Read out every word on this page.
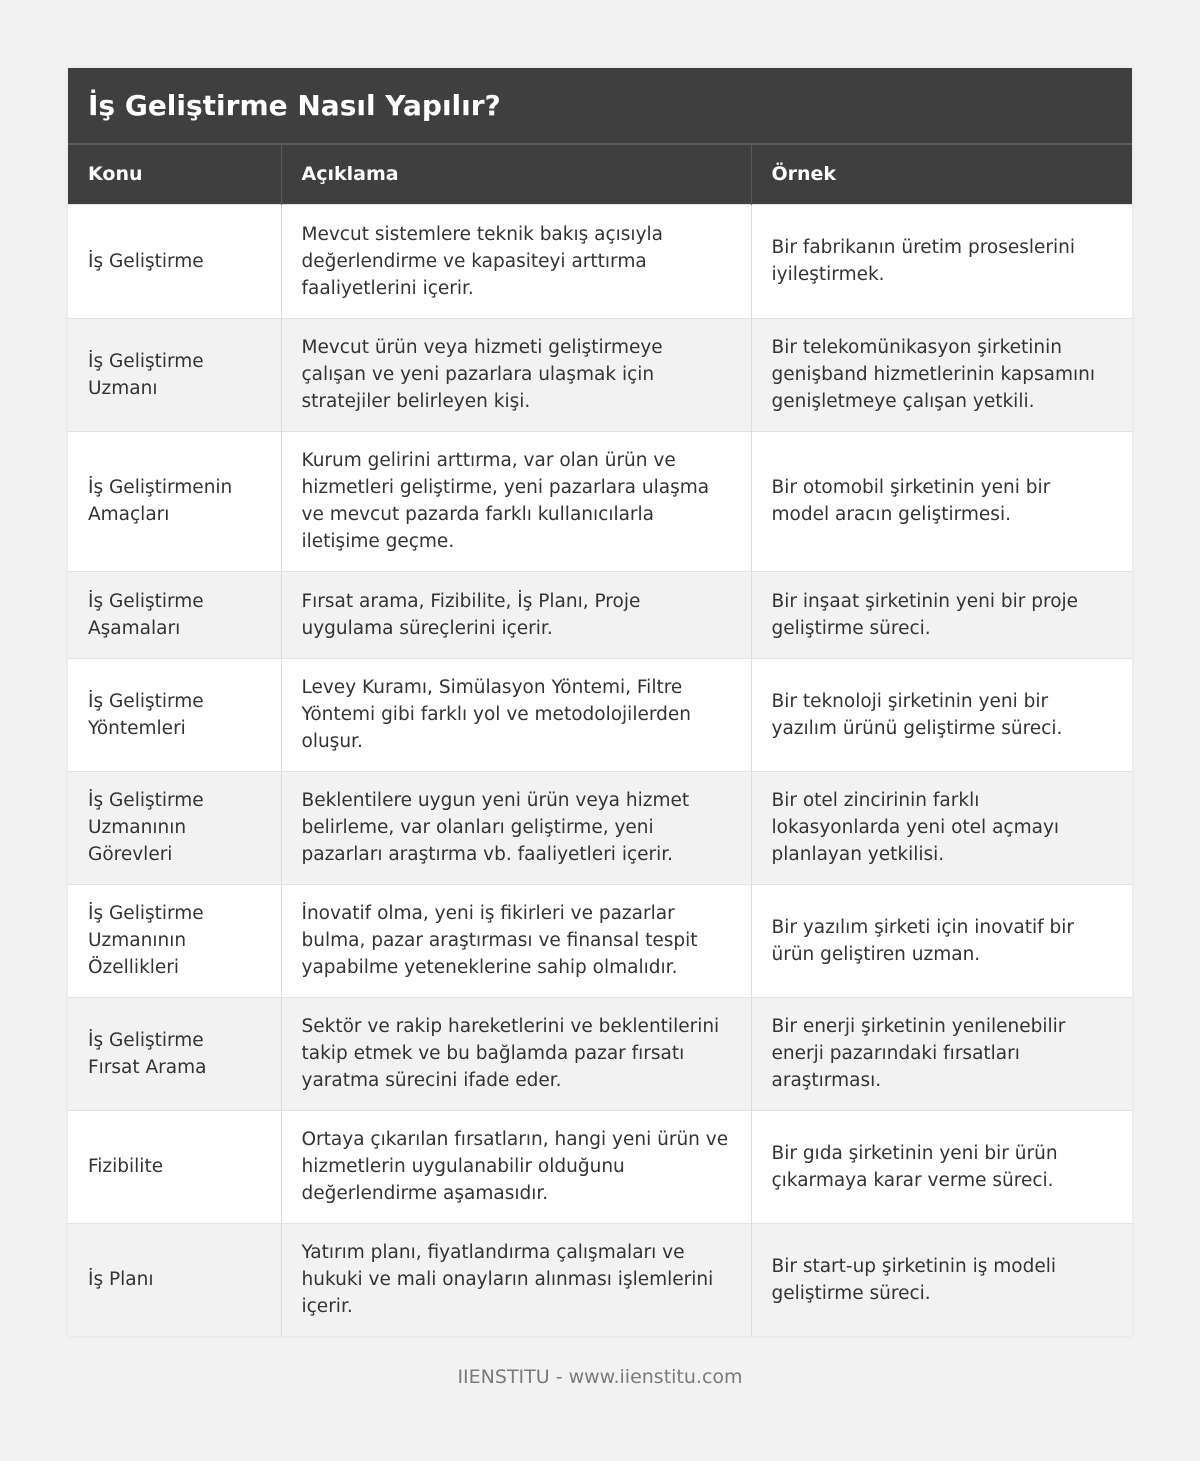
İş Geliştirme Nasıl Yapılır?
Konu	Açıklama	Örnek
İş Geliştirme	Mevcut sistemlere teknik bakış açısıyla değerlendirme ve kapasiteyi arttırma faaliyetlerini içerir.	Bir fabrikanın üretim proseslerini iyileştirmek.
İş Geliştirme Uzmanı	Mevcut ürün veya hizmeti geliştirmeye çalışan ve yeni pazarlara ulaşmak için stratejiler belirleyen kişi.	Bir telekomünikasyon şirketinin genişband hizmetlerinin kapsamını genişletmeye çalışan yetkili.
İş Geliştirmenin Amaçları	Kurum gelirini arttırma, var olan ürün ve hizmetleri geliştirme, yeni pazarlara ulaşma ve mevcut pazarda farklı kullanıcılarla iletişime geçme.	Bir otomobil şirketinin yeni bir model aracın geliştirmesi.
İş Geliştirme Aşamaları	Fırsat arama, Fizibilite, İş Planı, Proje uygulama süreçlerini içerir.	Bir inşaat şirketinin yeni bir proje geliştirme süreci.
İş Geliştirme Yöntemleri	Levey Kuramı, Simülasyon Yöntemi, Filtre Yöntemi gibi farklı yol ve metodolojilerden oluşur.	Bir teknoloji şirketinin yeni bir yazılım ürünü geliştirme süreci.
İş Geliştirme Uzmanının Görevleri	Beklentilere uygun yeni ürün veya hizmet belirleme, var olanları geliştirme, yeni pazarları araştırma vb. faaliyetleri içerir.	Bir otel zincirinin farklı lokasyonlarda yeni otel açmayı planlayan yetkilisi.
İş Geliştirme Uzmanının Özellikleri	İnovatif olma, yeni iş fikirleri ve pazarlar bulma, pazar araştırması ve finansal tespit yapabilme yeteneklerine sahip olmalıdır.	Bir yazılım şirketi için inovatif bir ürün geliştiren uzman.
İş Geliştirme Fırsat Arama	Sektör ve rakip hareketlerini ve beklentilerini takip etmek ve bu bağlamda pazar fırsatı yaratma sürecini ifade eder.	Bir enerji şirketinin yenilenebilir enerji pazarındaki fırsatları araştırması.
Fizibilite	Ortaya çıkarılan fırsatların, hangi yeni ürün ve hizmetlerin uygulanabilir olduğunu değerlendirme aşamasıdır.	Bir gıda şirketinin yeni bir ürün çıkarmaya karar verme süreci.
İş Planı	Yatırım planı, fiyatlandırma çalışmaları ve hukuki ve mali onayların alınması işlemlerini içerir.	Bir start-up şirketinin iş modeli geliştirme süreci.
IIENSTITU - www.iienstitu.com
